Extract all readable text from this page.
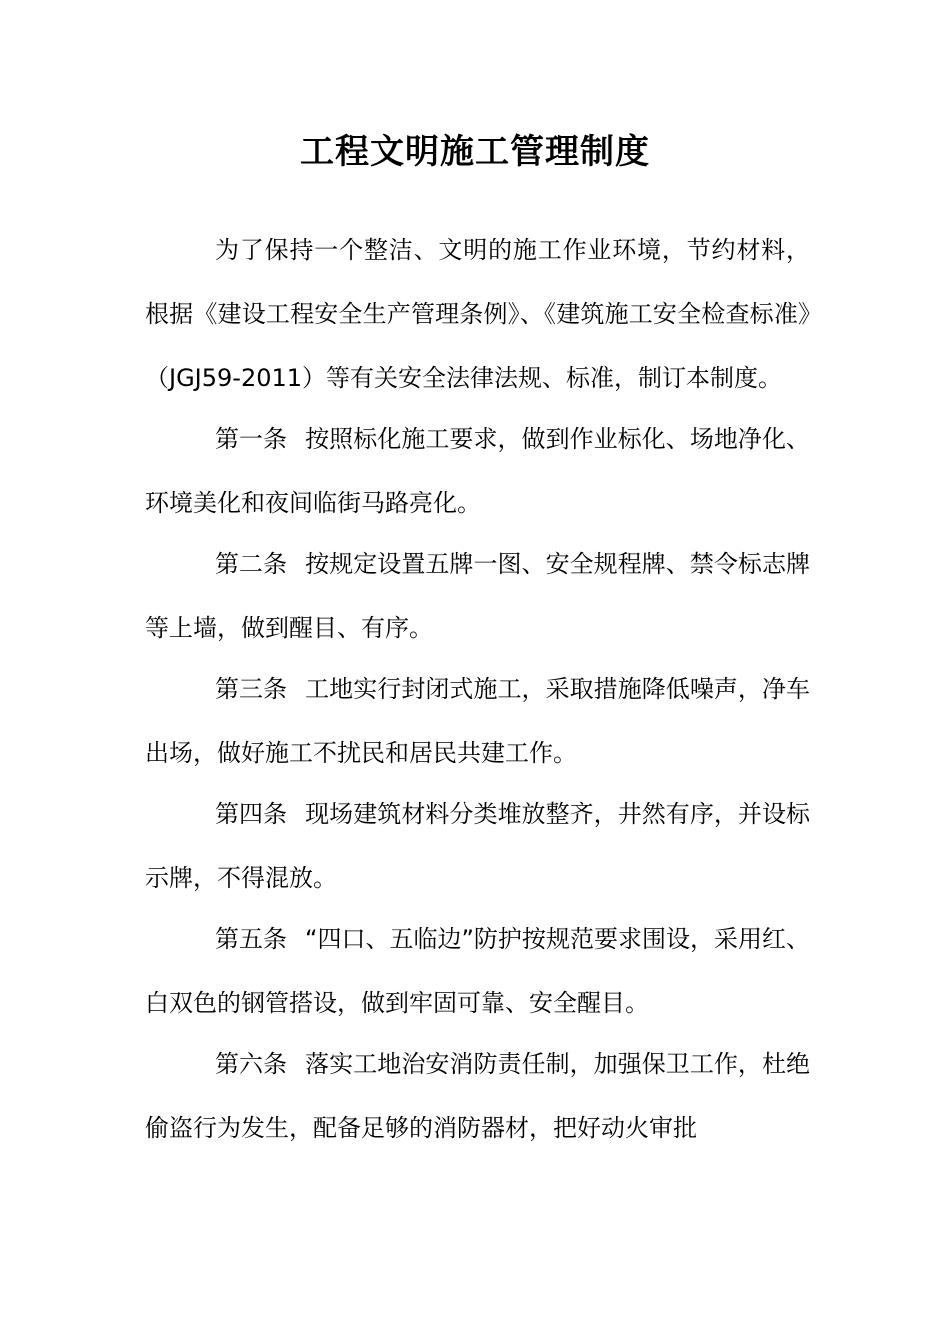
工程文明施工管理制度

为了保持一个整洁、文明的施工作业环境，节约材料，根据《建设工程安全生产管理条例》、《建筑施工安全检查标准》（JGJ59-2011）等有关安全法律法规、标准，制订本制度。

第一条 按照标化施工要求，做到作业标化、场地净化、环境美化和夜间临街马路亮化。

第二条 按规定设置五牌一图、安全规程牌、禁令标志牌等上墙，做到醒目、有序。

第三条 工地实行封闭式施工，采取措施降低噪声，净车出场，做好施工不扰民和居民共建工作。

第四条 现场建筑材料分类堆放整齐，井然有序，并设标示牌，不得混放。

第五条 “四口、五临边”防护按规范要求围设，采用红、白双色的钢管搭设，做到牢固可靠、安全醒目。

第六条 落实工地治安消防责任制，加强保卫工作，杜绝偷盗行为发生，配备足够的消防器材，把好动火审批
